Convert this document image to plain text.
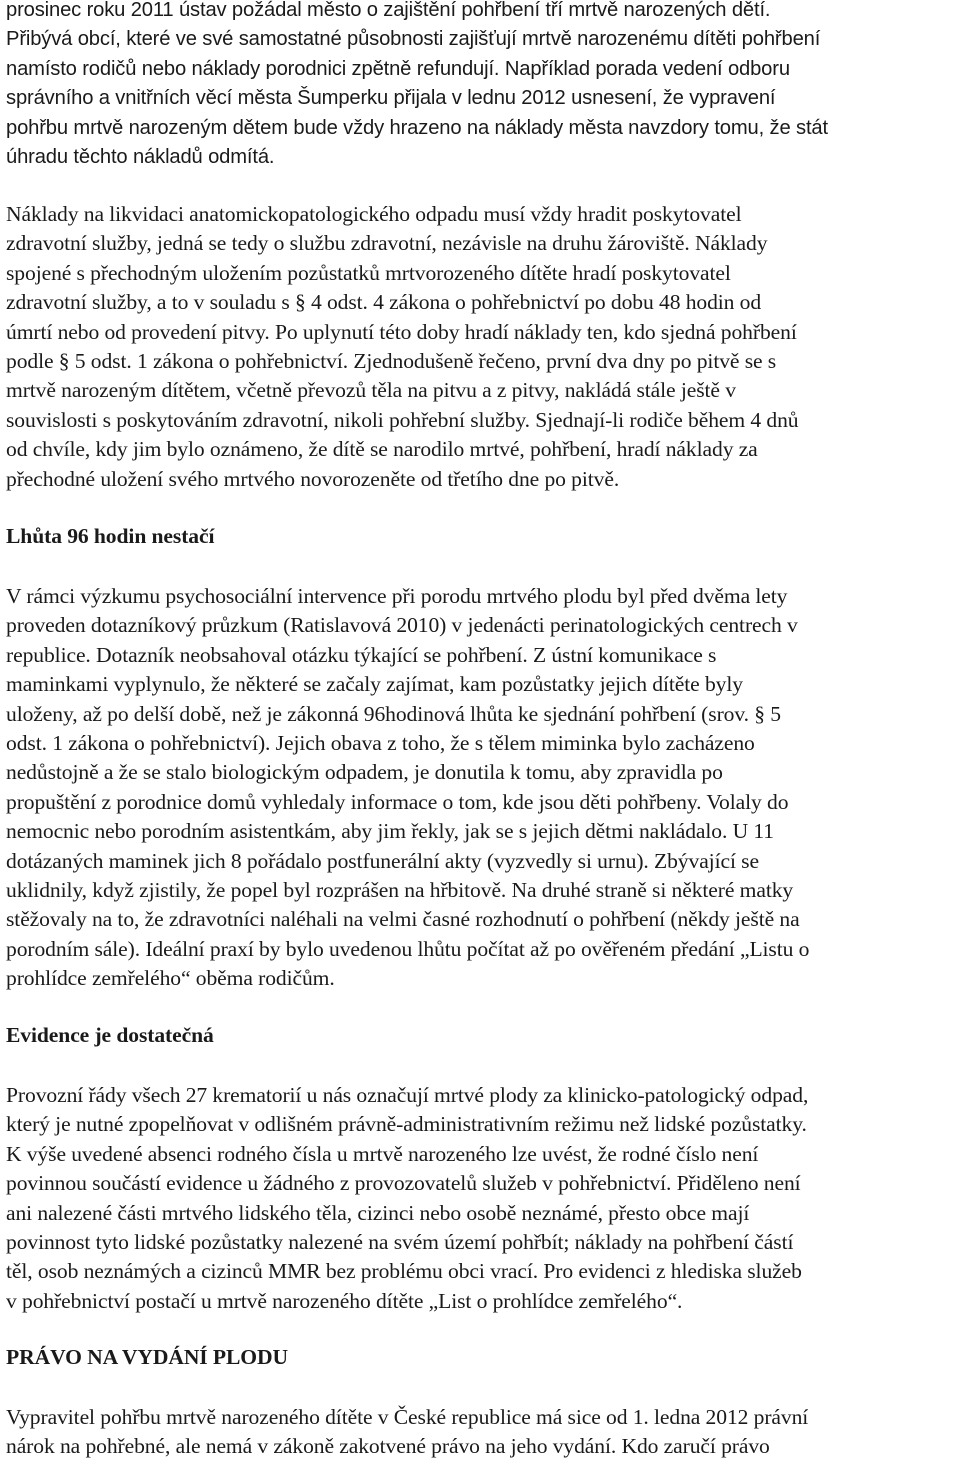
prosinec roku 2011 ústav požádal město o zajištění pohřbení tří mrtvě narozených dětí.
Přibývá obcí, které ve své samostatné působnosti zajišťují mrtvě narozenému dítěti pohřbení
namísto rodičů nebo náklady porodnici zpětně refundují. Například porada vedení odboru
správního a vnitřních věcí města Šumperku přijala v lednu 2012 usnesení, že vypravení
pohřbu mrtvě narozeným dětem bude vždy hrazeno na náklady města navzdory tomu, že stát
úhradu těchto nákladů odmítá.

Náklady na likvidaci anatomickopatologického odpadu musí vždy hradit poskytovatel
zdravotní služby, jedná se tedy o službu zdravotní, nezávisle na druhu žároviště. Náklady
spojené s přechodným uložením pozůstatků mrtvorozeného dítěte hradí poskytovatel
zdravotní služby, a to v souladu s § 4 odst. 4 zákona o pohřebnictví po dobu 48 hodin od
úmrtí nebo od provedení pitvy. Po uplynutí této doby hradí náklady ten, kdo sjedná pohřbení
podle § 5 odst. 1 zákona o pohřebnictví. Zjednodušeně řečeno, první dva dny po pitvě se s
mrtvě narozeným dítětem, včetně převozů těla na pitvu a z pitvy, nakládá stále ještě v
souvislosti s poskytováním zdravotní, nikoli pohřební služby. Sjednají-li rodiče během 4 dnů
od chvíle, kdy jim bylo oznámeno, že dítě se narodilo mrtvé, pohřbení, hradí náklady za
přechodné uložení svého mrtvého novorozeněte od třetího dne po pitvě.

Lhůta 96 hodin nestačí

V rámci výzkumu psychosociální intervence při porodu mrtvého plodu byl před dvěma lety
proveden dotazníkový průzkum (Ratislavová 2010) v jedenácti perinatologických centrech v
republice. Dotazník neobsahoval otázku týkající se pohřbení. Z ústní komunikace s
maminkami vyplynulo, že některé se začaly zajímat, kam pozůstatky jejich dítěte byly
uloženy, až po delší době, než je zákonná 96hodinová lhůta ke sjednání pohřbení (srov. § 5
odst. 1 zákona o pohřebnictví). Jejich obava z toho, že s tělem miminka bylo zacházeno
nedůstojně a že se stalo biologickým odpadem, je donutila k tomu, aby zpravidla po
propuštění z porodnice domů vyhledaly informace o tom, kde jsou děti pohřbeny. Volaly do
nemocnic nebo porodním asistentkám, aby jim řekly, jak se s jejich dětmi nakládalo. U 11
dotázaných maminek jich 8 pořádalo postfunerální akty (vyzvedly si urnu). Zbývající se
uklidnily, když zjistily, že popel byl rozprášen na hřbitově. Na druhé straně si některé matky
stěžovaly na to, že zdravotníci naléhali na velmi časné rozhodnutí o pohřbení (někdy ještě na
porodním sále). Ideální praxí by bylo uvedenou lhůtu počítat až po ověřeném předání „Listu o
prohlídce zemřelého“ oběma rodičům.

Evidence je dostatečná

Provozní řády všech 27 krematorií u nás označují mrtvé plody za klinicko-patologický odpad,
který je nutné zpopelňovat v odlišném právně-administrativním režimu než lidské pozůstatky.
K výše uvedené absenci rodného čísla u mrtvě narozeného lze uvést, že rodné číslo není
povinnou součástí evidence u žádného z provozovatelů služeb v pohřebnictví. Přiděleno není
ani nalezené části mrtvého lidského těla, cizinci nebo osobě neznámé, přesto obce mají
povinnost tyto lidské pozůstatky nalezené na svém území pohřbít; náklady na pohřbení částí
těl, osob neznámých a cizinců MMR bez problému obci vrací. Pro evidenci z hlediska služeb
v pohřebnictví postačí u mrtvě narozeného dítěte „List o prohlídce zemřelého“.

PRÁVO NA VYDÁNÍ PLODU

Vypravitel pohřbu mrtvě narozeného dítěte v České republice má sice od 1. ledna 2012 právní
nárok na pohřebné, ale nemá v zákoně zakotvené právo na jeho vydání. Kdo zaručí právo
